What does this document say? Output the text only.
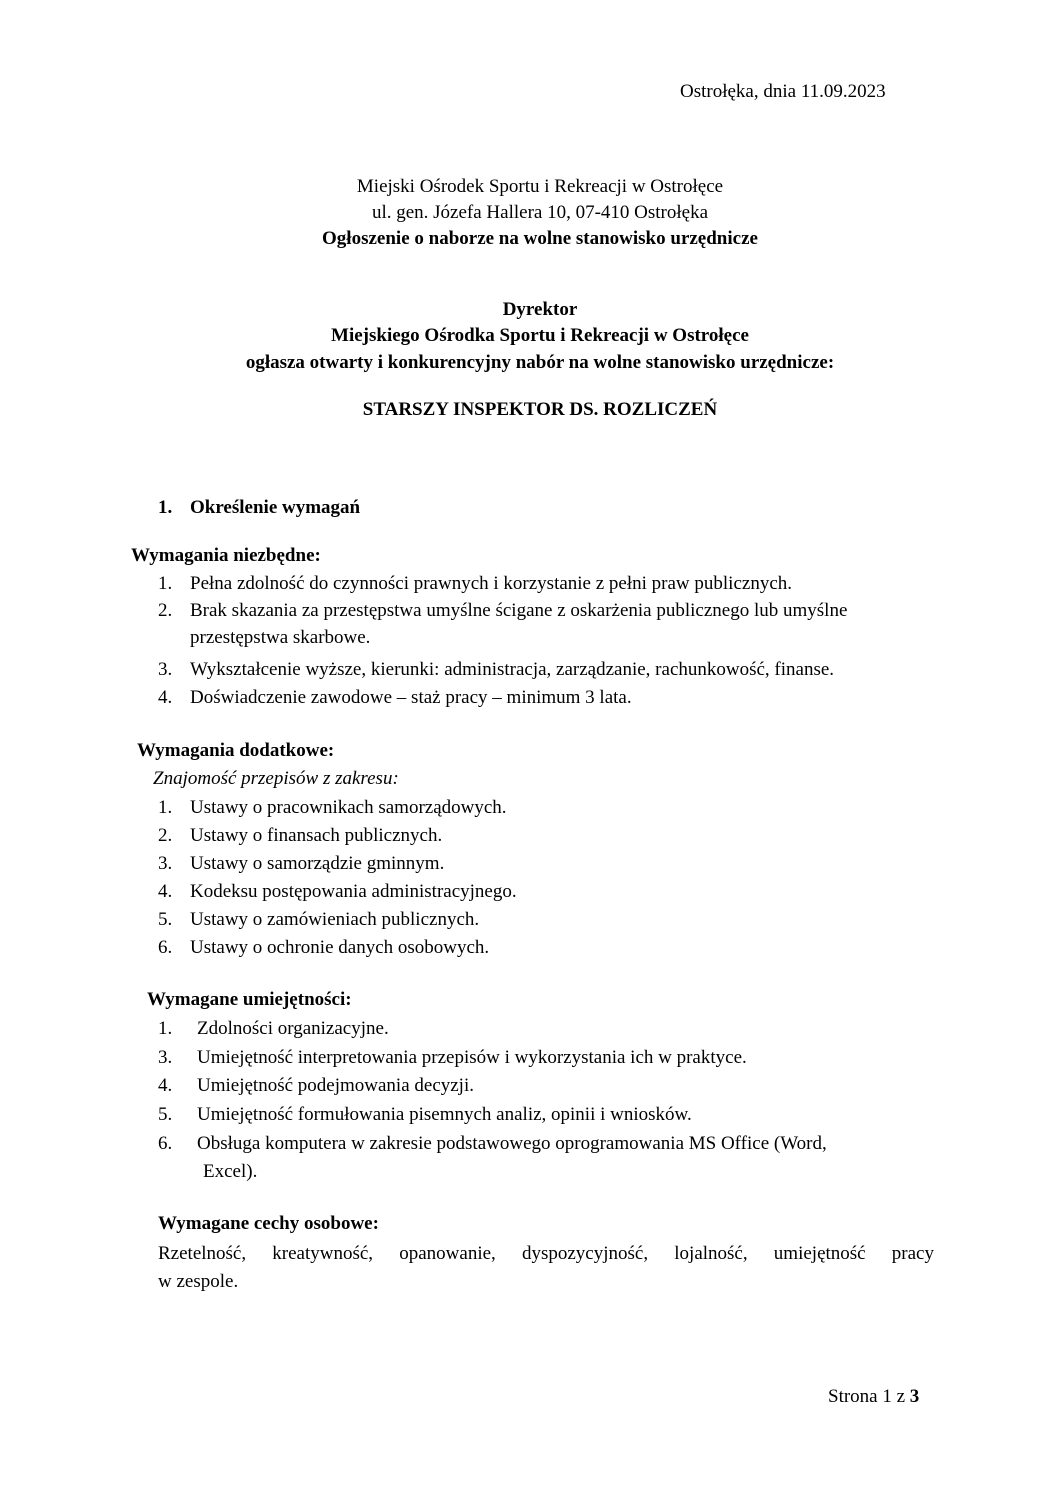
Ostrołęka, dnia 11.09.2023
Miejski Ośrodek Sportu i Rekreacji w Ostrołęce
ul. gen. Józefa Hallera 10, 07-410 Ostrołęka
Ogłoszenie o naborze na wolne stanowisko urzędnicze
Dyrektor
Miejskiego Ośrodka Sportu i Rekreacji w Ostrołęce
ogłasza otwarty i konkurencyjny nabór na wolne stanowisko urzędnicze:
STARSZY INSPEKTOR DS. ROZLICZEŃ
1. Określenie wymagań
Wymagania niezbędne:
1. Pełna zdolność do czynności prawnych i korzystanie z pełni praw publicznych.
2. Brak skazania za przestępstwa umyślne ścigane z oskarżenia publicznego lub umyślne
przestępstwa skarbowe.
3. Wykształcenie wyższe, kierunki: administracja, zarządzanie, rachunkowość, finanse.
4. Doświadczenie zawodowe – staż pracy – minimum 3 lata.
Wymagania dodatkowe:
Znajomość przepisów z zakresu:
1. Ustawy o pracownikach samorządowych.
2. Ustawy o finansach publicznych.
3. Ustawy o samorządzie gminnym.
4. Kodeksu postępowania administracyjnego.
5. Ustawy o zamówieniach publicznych.
6. Ustawy o ochronie danych osobowych.
Wymagane umiejętności:
1. Zdolności organizacyjne.
3. Umiejętność interpretowania przepisów i wykorzystania ich w praktyce.
4. Umiejętność podejmowania decyzji.
5. Umiejętność formułowania pisemnych analiz, opinii i wniosków.
6. Obsługa komputera w zakresie podstawowego oprogramowania MS Office (Word,
Excel).
Wymagane cechy osobowe:
Rzetelność, kreatywność, opanowanie, dyspozycyjność, lojalność, umiejętność pracy
w zespole.
Strona 1 z 3
